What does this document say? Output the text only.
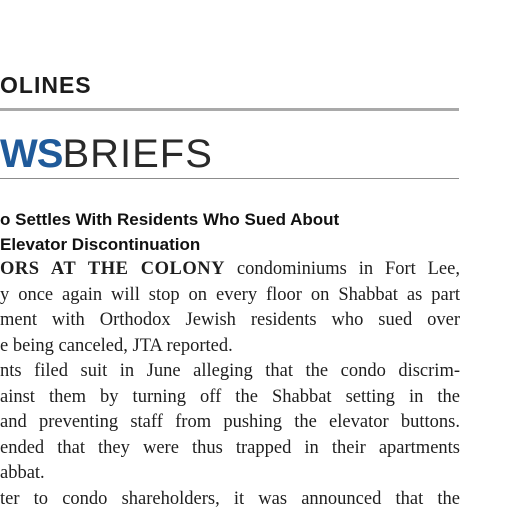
OLINES
WSBRIEFS
o Settles With Residents Who Sued About
Elevator Discontinuation
ORS AT THE COLONY condominiums in Fort Lee,
y once again will stop on every floor on Shabbat as part
ment with Orthodox Jewish residents who sued over
e being canceled, JTA reported.
nts filed suit in June alleging that the condo discrim-
ainst them by turning off the Shabbat setting in the
and preventing staff from pushing the elevator buttons.
ended that they were thus trapped in their apartments
abbat.
ter to condo shareholders, it was announced that the
